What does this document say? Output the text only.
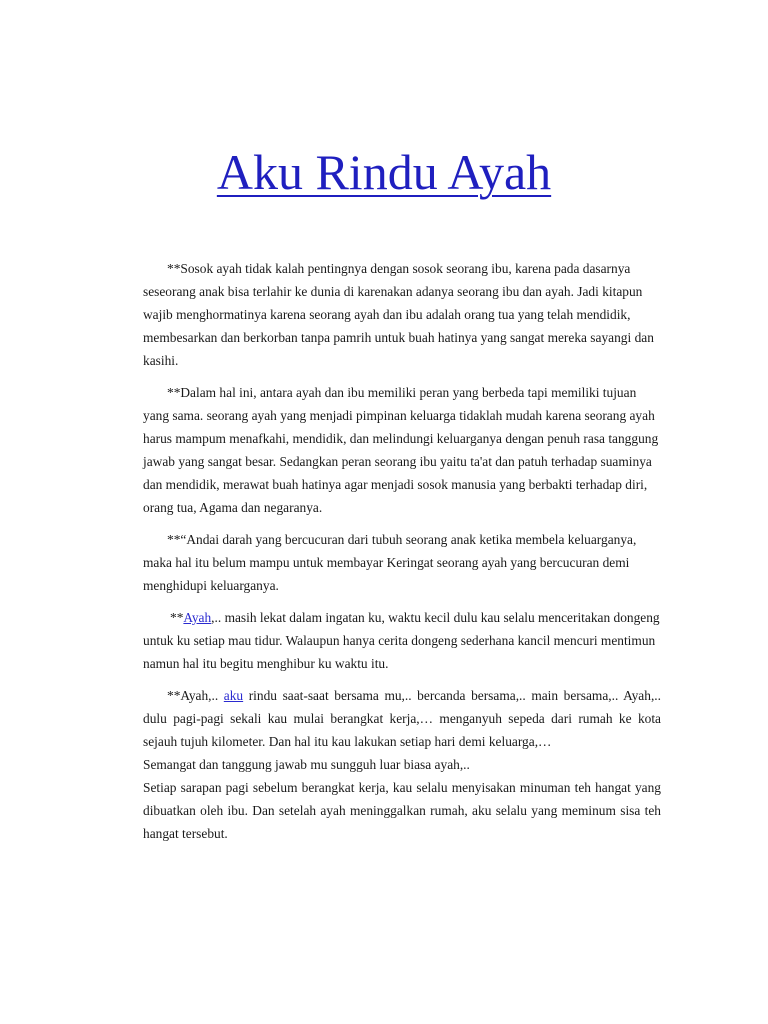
Aku Rindu Ayah

**Sosok ayah tidak kalah pentingnya dengan sosok seorang ibu, karena pada dasarnya seseorang anak bisa terlahir ke dunia di karenakan adanya seorang ibu dan ayah. Jadi kitapun wajib menghormatinya karena seorang ayah dan ibu adalah orang tua yang telah mendidik, membesarkan dan berkorban tanpa pamrih untuk buah hatinya yang sangat mereka sayangi dan kasihi.

**Dalam hal ini, antara ayah dan ibu memiliki peran yang berbeda tapi memiliki tujuan yang sama. seorang ayah yang menjadi pimpinan keluarga tidaklah mudah karena seorang ayah harus mampum menafkahi, mendidik, dan melindungi keluarganya dengan penuh rasa tanggung jawab yang sangat besar. Sedangkan peran seorang ibu yaitu ta'at dan patuh terhadap suaminya dan mendidik, merawat buah hatinya agar menjadi sosok manusia yang berbakti terhadap diri, orang tua, Agama dan negaranya.

**“Andai darah yang bercucuran dari tubuh seorang anak ketika membela keluarganya, maka hal itu belum mampu untuk membayar Keringat seorang ayah yang bercucuran demi menghidupi keluarganya.

**Ayah,.. masih lekat dalam ingatan ku, waktu kecil dulu kau selalu menceritakan dongeng untuk ku setiap mau tidur. Walaupun hanya cerita dongeng sederhana kancil mencuri mentimun namun hal itu begitu menghibur ku waktu itu.

**Ayah,.. aku rindu saat-saat bersama mu,.. bercanda bersama,.. main bersama,.. Ayah,.. dulu pagi-pagi sekali kau mulai berangkat kerja,… menganyuh sepeda dari rumah ke kota sejauh tujuh kilometer. Dan hal itu kau lakukan setiap hari demi keluarga,…

Semangat dan tanggung jawab mu sungguh luar biasa ayah,..

Setiap sarapan pagi sebelum berangkat kerja, kau selalu menyisakan minuman teh hangat yang dibuatkan oleh ibu. Dan setelah ayah meninggalkan rumah, aku selalu yang meminum sisa teh hangat tersebut.
